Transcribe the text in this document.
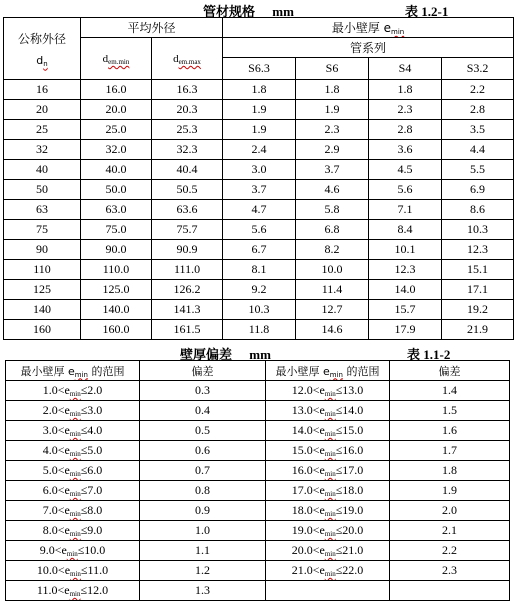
管材规格 mm	表 1.2-1
公称外径
$d_n$	平均外径		最小壁厚 $e_{min}$
	$d_{em.min}$	$d_{em.max}$	管系列			
			S6.3	S6	S4	S3.2
16	16.0	16.3	1.8	1.8	1.8	2.2
20	20.0	20.3	1.9	1.9	2.3	2.8
25	25.0	25.3	1.9	2.3	2.8	3.5
32	32.0	32.3	2.4	2.9	3.6	4.4
40	40.0	40.4	3.0	3.7	4.5	5.5
50	50.0	50.5	3.7	4.6	5.6	6.9
63	63.0	63.6	4.7	5.8	7.1	8.6
75	75.0	75.7	5.6	6.8	8.4	10.3
90	90.0	90.9	6.7	8.2	10.1	12.3
110	110.0	111.0	8.1	10.0	12.3	15.1
125	125.0	126.2	9.2	11.4	14.0	17.1
140	140.0	141.3	10.3	12.7	15.7	19.2
160	160.0	161.5	11.8	14.6	17.9	21.9
壁厚偏差 mm	表 1.1-2
最小壁厚 $e_{min}$ 的范围	偏差	最小壁厚 $e_{min}$ 的范围	偏差
$1.0<e_{min}\le 2.0$	0.3	$12.0<e_{min}\le 13.0$	1.4
$2.0<e_{min}\le 3.0$	0.4	$13.0<e_{min}\le 14.0$	1.5
$3.0<e_{min}\le 4.0$	0.5	$14.0<e_{min}\le 15.0$	1.6
$4.0<e_{min}\le 5.0$	0.6	$15.0<e_{min}\le 16.0$	1.7
$5.0<e_{min}\le 6.0$	0.7	$16.0<e_{min}\le 17.0$	1.8
$6.0<e_{min}\le 7.0$	0.8	$17.0<e_{min}\le 18.0$	1.9
$7.0<e_{min}\le 8.0$	0.9	$18.0<e_{min}\le 19.0$	2.0
$8.0<e_{min}\le 9.0$	1.0	$19.0<e_{min}\le 20.0$	2.1
$9.0<e_{min}\le 10.0$	1.1	$20.0<e_{min}\le 21.0$	2.2
$10.0<e_{min}\le 11.0$	1.2	$21.0<e_{min}\le 22.0$	2.3
$11.0<e_{min}\le 12.0$	1.3		
